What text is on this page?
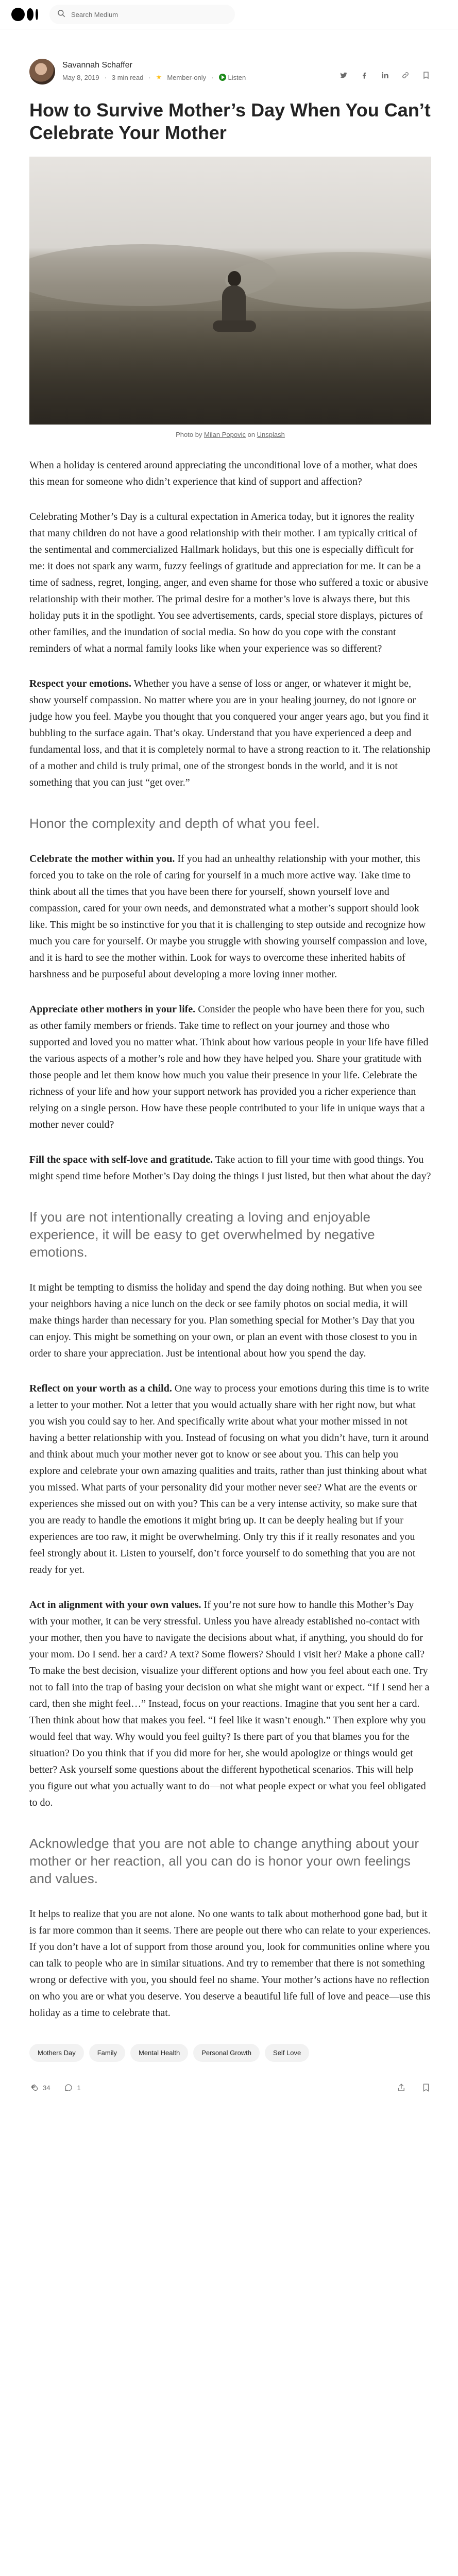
Search Medium
Savannah Schaffer
May 8, 2019 · 3 min read · ★ Member-only · Listen
How to Survive Mother’s Day When You Can’t Celebrate Your Mother
Photo by Milan Popovic on Unsplash

When a holiday is centered around appreciating the unconditional love of a mother, what does this mean for someone who didn’t experience that kind of support and affection?

Celebrating Mother’s Day is a cultural expectation in America today, but it ignores the reality that many children do not have a good relationship with their mother. I am typically critical of the sentimental and commercialized Hallmark holidays, but this one is especially difficult for me: it does not spark any warm, fuzzy feelings of gratitude and appreciation for me. It can be a time of sadness, regret, longing, anger, and even shame for those who suffered a toxic or abusive relationship with their mother. The primal desire for a mother’s love is always there, but this holiday puts it in the spotlight. You see advertisements, cards, special store displays, pictures of other families, and the inundation of social media. So how do you cope with the constant reminders of what a normal family looks like when your experience was so different?

Respect your emotions. Whether you have a sense of loss or anger, or whatever it might be, show yourself compassion. No matter where you are in your healing journey, do not ignore or judge how you feel. Maybe you thought that you conquered your anger years ago, but you find it bubbling to the surface again. That’s okay. Understand that you have experienced a deep and fundamental loss, and that it is completely normal to have a strong reaction to it. The relationship of a mother and child is truly primal, one of the strongest bonds in the world, and it is not something that you can just “get over.”

Honor the complexity and depth of what you feel.

Celebrate the mother within you. If you had an unhealthy relationship with your mother, this forced you to take on the role of caring for yourself in a much more active way. Take time to think about all the times that you have been there for yourself, shown yourself love and compassion, cared for your own needs, and demonstrated what a mother’s support should look like. This might be so instinctive for you that it is challenging to step outside and recognize how much you care for yourself. Or maybe you struggle with showing yourself compassion and love, and it is hard to see the mother within. Look for ways to overcome these inherited habits of harshness and be purposeful about developing a more loving inner mother.

Appreciate other mothers in your life. Consider the people who have been there for you, such as other family members or friends. Take time to reflect on your journey and those who supported and loved you no matter what. Think about how various people in your life have filled the various aspects of a mother’s role and how they have helped you. Share your gratitude with those people and let them know how much you value their presence in your life. Celebrate the richness of your life and how your support network has provided you a richer experience than relying on a single person. How have these people contributed to your life in unique ways that a mother never could?

Fill the space with self-love and gratitude. Take action to fill your time with good things. You might spend time before Mother’s Day doing the things I just listed, but then what about the day?

If you are not intentionally creating a loving and enjoyable experience, it will be easy to get overwhelmed by negative emotions.

It might be tempting to dismiss the holiday and spend the day doing nothing. But when you see your neighbors having a nice lunch on the deck or see family photos on social media, it will make things harder than necessary for you. Plan something special for Mother’s Day that you can enjoy. This might be something on your own, or plan an event with those closest to you in order to share your appreciation. Just be intentional about how you spend the day.

Reflect on your worth as a child. One way to process your emotions during this time is to write a letter to your mother. Not a letter that you would actually share with her right now, but what you wish you could say to her. And specifically write about what your mother missed in not having a better relationship with you. Instead of focusing on what you didn’t have, turn it around and think about much your mother never got to know or see about you. This can help you explore and celebrate your own amazing qualities and traits, rather than just thinking about what you missed. What parts of your personality did your mother never see? What are the events or experiences she missed out on with you? This can be a very intense activity, so make sure that you are ready to handle the emotions it might bring up. It can be deeply healing but if your experiences are too raw, it might be overwhelming. Only try this if it really resonates and you feel strongly about it. Listen to yourself, don’t force yourself to do something that you are not ready for yet.

Act in alignment with your own values. If you’re not sure how to handle this Mother’s Day with your mother, it can be very stressful. Unless you have already established no-contact with your mother, then you have to navigate the decisions about what, if anything, you should do for your mom. Do I send. her a card? A text? Some flowers? Should I visit her? Make a phone call? To make the best decision, visualize your different options and how you feel about each one. Try not to fall into the trap of basing your decision on what she might want or expect. “If I send her a card, then she might feel…” Instead, focus on your reactions. Imagine that you sent her a card. Then think about how that makes you feel. “I feel like it wasn’t enough.” Then explore why you would feel that way. Why would you feel guilty? Is there part of you that blames you for the situation? Do you think that if you did more for her, she would apologize or things would get better? Ask yourself some questions about the different hypothetical scenarios. This will help you figure out what you actually want to do—not what people expect or what you feel obligated to do.

Acknowledge that you are not able to change anything about your mother or her reaction, all you can do is honor your own feelings and values.

It helps to realize that you are not alone. No one wants to talk about motherhood gone bad, but it is far more common than it seems. There are people out there who can relate to your experiences. If you don’t have a lot of support from those around you, look for communities online where you can talk to people who are in similar situations. And try to remember that there is not something wrong or defective with you, you should feel no shame. Your mother’s actions have no reflection on who you are or what you deserve. You deserve a beautiful life full of love and peace—use this holiday as a time to celebrate that.

Mothers Day	Family	Mental Health	Personal Growth	Self Love
34	1
